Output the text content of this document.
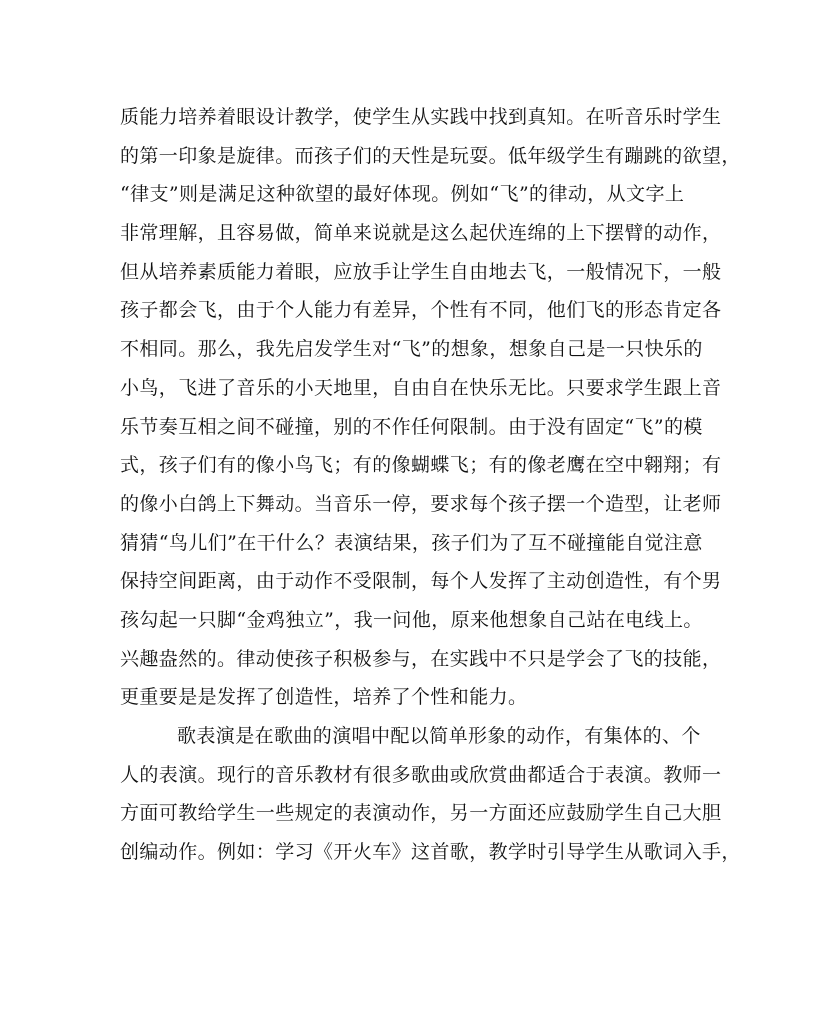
质能力培养着眼设计教学，使学生从实践中找到真知。在听音乐时学生
的第一印象是旋律。而孩子们的天性是玩耍。低年级学生有蹦跳的欲望，
“律支”则是满足这种欲望的最好体现。例如“飞”的律动，从文字上
非常理解，且容易做，简单来说就是这么起伏连绵的上下摆臂的动作，
但从培养素质能力着眼，应放手让学生自由地去飞，一般情况下，一般
孩子都会飞，由于个人能力有差异，个性有不同，他们飞的形态肯定各
不相同。那么，我先启发学生对“飞”的想象，想象自己是一只快乐的
小鸟，飞进了音乐的小天地里，自由自在快乐无比。只要求学生跟上音
乐节奏互相之间不碰撞，别的不作任何限制。由于没有固定“飞”的模
式，孩子们有的像小鸟飞；有的像蝴蝶飞；有的像老鹰在空中翱翔；有
的像小白鸽上下舞动。当音乐一停，要求每个孩子摆一个造型，让老师
猜猜“鸟儿们”在干什么？表演结果，孩子们为了互不碰撞能自觉注意
保持空间距离，由于动作不受限制，每个人发挥了主动创造性，有个男
孩勾起一只脚“金鸡独立”，我一问他，原来他想象自己站在电线上。
兴趣盎然的。律动使孩子积极参与，在实践中不只是学会了飞的技能，
更重要是是发挥了创造性，培养了个性和能力。
歌表演是在歌曲的演唱中配以简单形象的动作，有集体的、个
人的表演。现行的音乐教材有很多歌曲或欣赏曲都适合于表演。教师一
方面可教给学生一些规定的表演动作，另一方面还应鼓励学生自己大胆
创编动作。例如：学习《开火车》这首歌，教学时引导学生从歌词入手，
